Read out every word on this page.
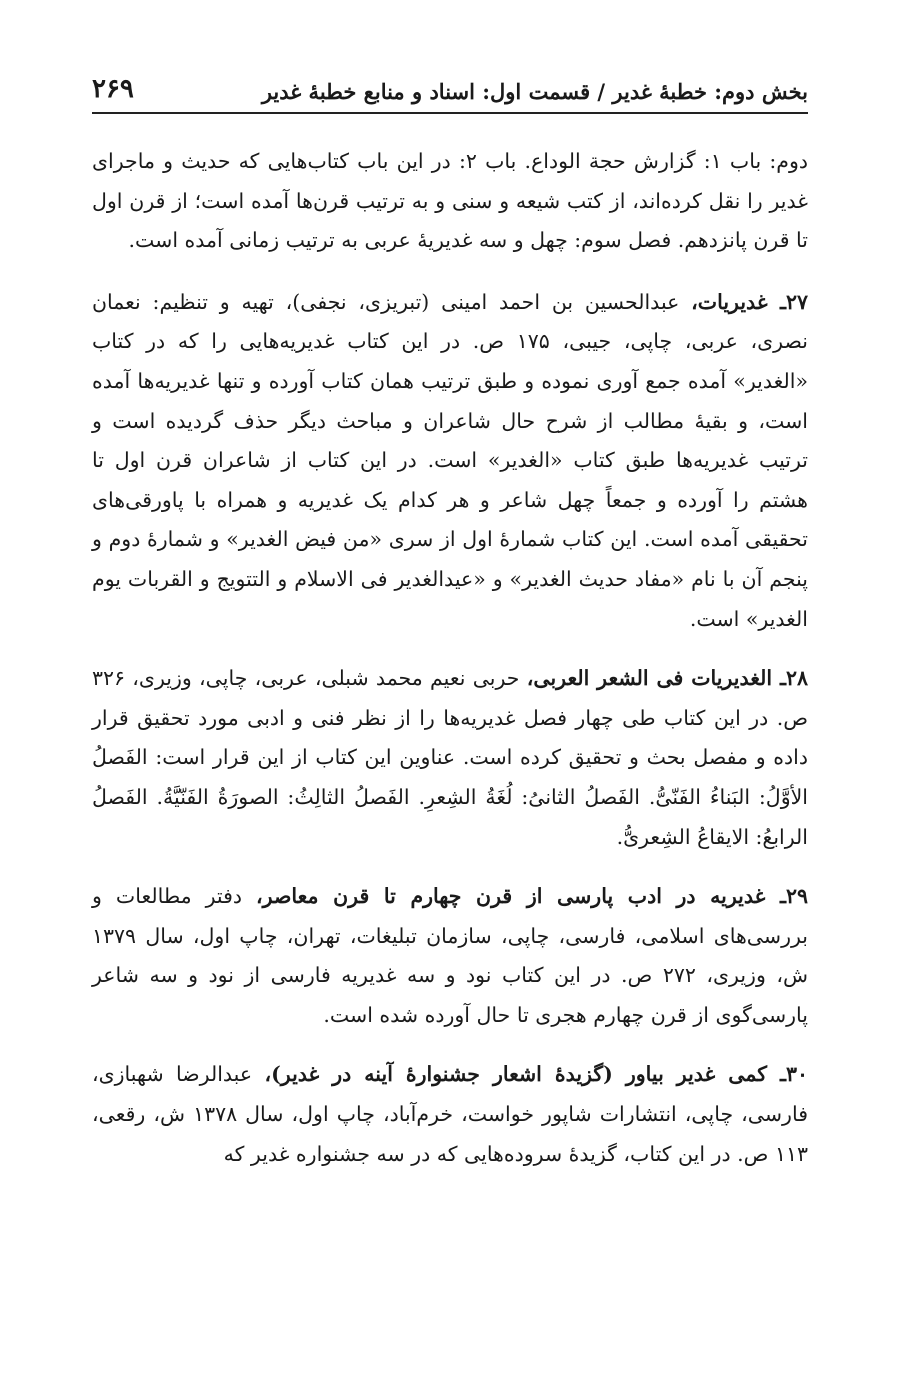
بخش دوم: خطبهٔ غدیر / قسمت اول: اسناد و منابع خطبهٔ غدیر
۲۶۹

دوم: باب ۱: گزارش حجة الوداع. باب ۲: در این باب کتاب‌هایی که حدیث و ماجرای غدیر را نقل کرده‌اند، از کتب شیعه و سنی و به ترتیب قرن‌ها آمده است؛ از قرن اول تا قرن پانزدهم. فصل سوم: چهل و سه غدیریهٔ عربی به ترتیب زمانی آمده است.

۲۷ـ غدیریات، عبدالحسین بن احمد امینی (تبریزی، نجفی)، تهیه و تنظیم: نعمان نصری، عربی، چاپی، جیبی، ۱۷۵ ص. در این کتاب غدیریه‌هایی را که در کتاب «الغدیر» آمده جمع آوری نموده و طبق ترتیب همان کتاب آورده و تنها غدیریه‌ها آمده است، و بقیهٔ مطالب از شرح حال شاعران و مباحث دیگر حذف گردیده است و ترتیب غدیریه‌ها طبق کتاب «الغدیر» است. در این کتاب از شاعران قرن اول تا هشتم را آورده و جمعاً چهل شاعر و هر کدام یک غدیریه و همراه با پاورقی‌های تحقیقی آمده است. این کتاب شمارهٔ اول از سری «من فیض الغدیر» و شمارهٔ دوم و پنجم آن با نام «مفاد حدیث الغدیر» و «عیدالغدیر فی الاسلام و التتویج و القربات یوم الغدیر» است.

۲۸ـ الغدیریات فی الشعر العربی، حربی نعیم محمد شبلی، عربی، چاپی، وزیری، ۳۲۶ ص. در این کتاب طی چهار فصل غدیریه‌ها را از نظر فنی و ادبی مورد تحقیق قرار داده و مفصل بحث و تحقیق کرده است. عناوین این کتاب از این قرار است: الفَصلُ الأوَّلُ: البَناءُ الفَنّیُّ. الفَصلُ الثانیُ: لُغَةُ الشِعرِ. الفَصلُ الثالِثُ: الصورَةُ الفَنّیَّةُ. الفَصلُ الرابعُ: الایقاعُ الشِعریُّ.

۲۹ـ غدیریه در ادب پارسی از قرن چهارم تا قرن معاصر، دفتر مطالعات و بررسی‌های اسلامی، فارسی، چاپی، سازمان تبلیغات، تهران، چاپ اول، سال ۱۳۷۹ ش، وزیری، ۲۷۲ ص. در این کتاب نود و سه غدیریه فارسی از نود و سه شاعر پارسی‌گوی از قرن چهارم هجری تا حال آورده شده است.

۳۰ـ کمی غدیر بیاور (گزیدهٔ اشعار جشنوارهٔ آینه در غدیر)، عبدالرضا شهبازی، فارسی، چاپی، انتشارات شاپور خواست، خرم‌آباد، چاپ اول، سال ۱۳۷۸ ش، رقعی، ۱۱۳ ص. در این کتاب، گزیدهٔ سروده‌هایی که در سه جشنواره غدیر که
